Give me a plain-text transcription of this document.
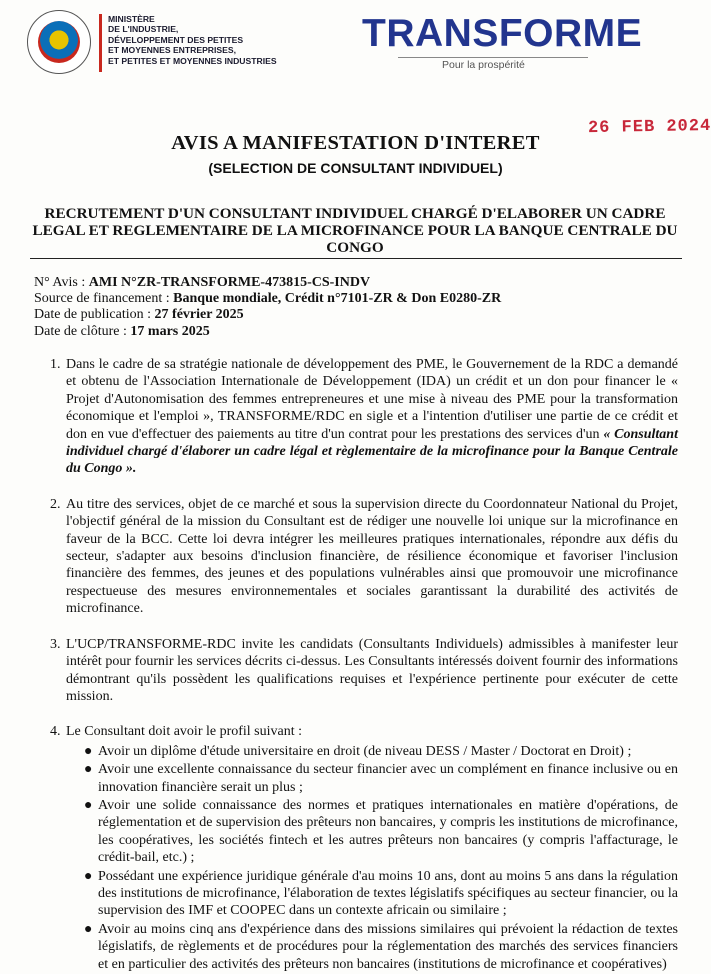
MINISTÈRE
DE L'INDUSTRIE,
DÉVELOPPEMENT DES PETITES
ET MOYENNES ENTREPRISES,
ET PETITES ET MOYENNES INDUSTRIES
TRANSFORME
Pour la prospérité
26 FEB 2024
AVIS A MANIFESTATION D'INTERET
(SELECTION DE CONSULTANT INDIVIDUEL)
RECRUTEMENT D'UN CONSULTANT INDIVIDUEL CHARGÉ D'ELABORER UN CADRE LEGAL ET REGLEMENTAIRE DE LA MICROFINANCE POUR LA BANQUE CENTRALE DU CONGO
N° Avis : AMI N°ZR-TRANSFORME-473815-CS-INDV
Source de financement : Banque mondiale, Crédit n°7101-ZR & Don E0280-ZR
Date de publication : 27 février 2025
Date de clôture : 17 mars 2025
1. Dans le cadre de sa stratégie nationale de développement des PME, le Gouvernement de la RDC a demandé et obtenu de l'Association Internationale de Développement (IDA) un crédit et un don pour financer le « Projet d'Autonomisation des femmes entrepreneures et une mise à niveau des PME pour la transformation économique et l'emploi », TRANSFORME/RDC en sigle et a l'intention d'utiliser une partie de ce crédit et don en vue d'effectuer des paiements au titre d'un contrat pour les prestations des services d'un « Consultant individuel chargé d'élaborer un cadre légal et règlementaire de la microfinance pour la Banque Centrale du Congo ».
2. Au titre des services, objet de ce marché et sous la supervision directe du Coordonnateur National du Projet, l'objectif général de la mission du Consultant est de rédiger une nouvelle loi unique sur la microfinance en faveur de la BCC. Cette loi devra intégrer les meilleures pratiques internationales, répondre aux défis du secteur, s'adapter aux besoins d'inclusion financière, de résilience économique et favoriser l'inclusion financière des femmes, des jeunes et des populations vulnérables ainsi que promouvoir une microfinance respectueuse des mesures environnementales et sociales garantissant la durabilité des activités de microfinance.
3. L'UCP/TRANSFORME-RDC invite les candidats (Consultants Individuels) admissibles à manifester leur intérêt pour fournir les services décrits ci-dessus. Les Consultants intéressés doivent fournir des informations démontrant qu'ils possèdent les qualifications requises et l'expérience pertinente pour exécuter de cette mission.
4. Le Consultant doit avoir le profil suivant :
● Avoir un diplôme d'étude universitaire en droit (de niveau DESS / Master / Doctorat en Droit) ;
● Avoir une excellente connaissance du secteur financier avec un complément en finance inclusive ou en innovation financière serait un plus ;
● Avoir une solide connaissance des normes et pratiques internationales en matière d'opérations, de réglementation et de supervision des prêteurs non bancaires, y compris les institutions de microfinance, les coopératives, les sociétés fintech et les autres prêteurs non bancaires (y compris l'affacturage, le crédit-bail, etc.) ;
● Possédant une expérience juridique générale d'au moins 10 ans, dont au moins 5 ans dans la régulation des institutions de microfinance, l'élaboration de textes législatifs spécifiques au secteur financier, ou la supervision des IMF et COOPEC dans un contexte africain ou similaire ;
● Avoir au moins cinq ans d'expérience dans des missions similaires qui prévoient la rédaction de textes législatifs, de règlements et de procédures pour la réglementation des marchés des services financiers et en particulier des activités des prêteurs non bancaires (institutions de microfinance et coopératives)
